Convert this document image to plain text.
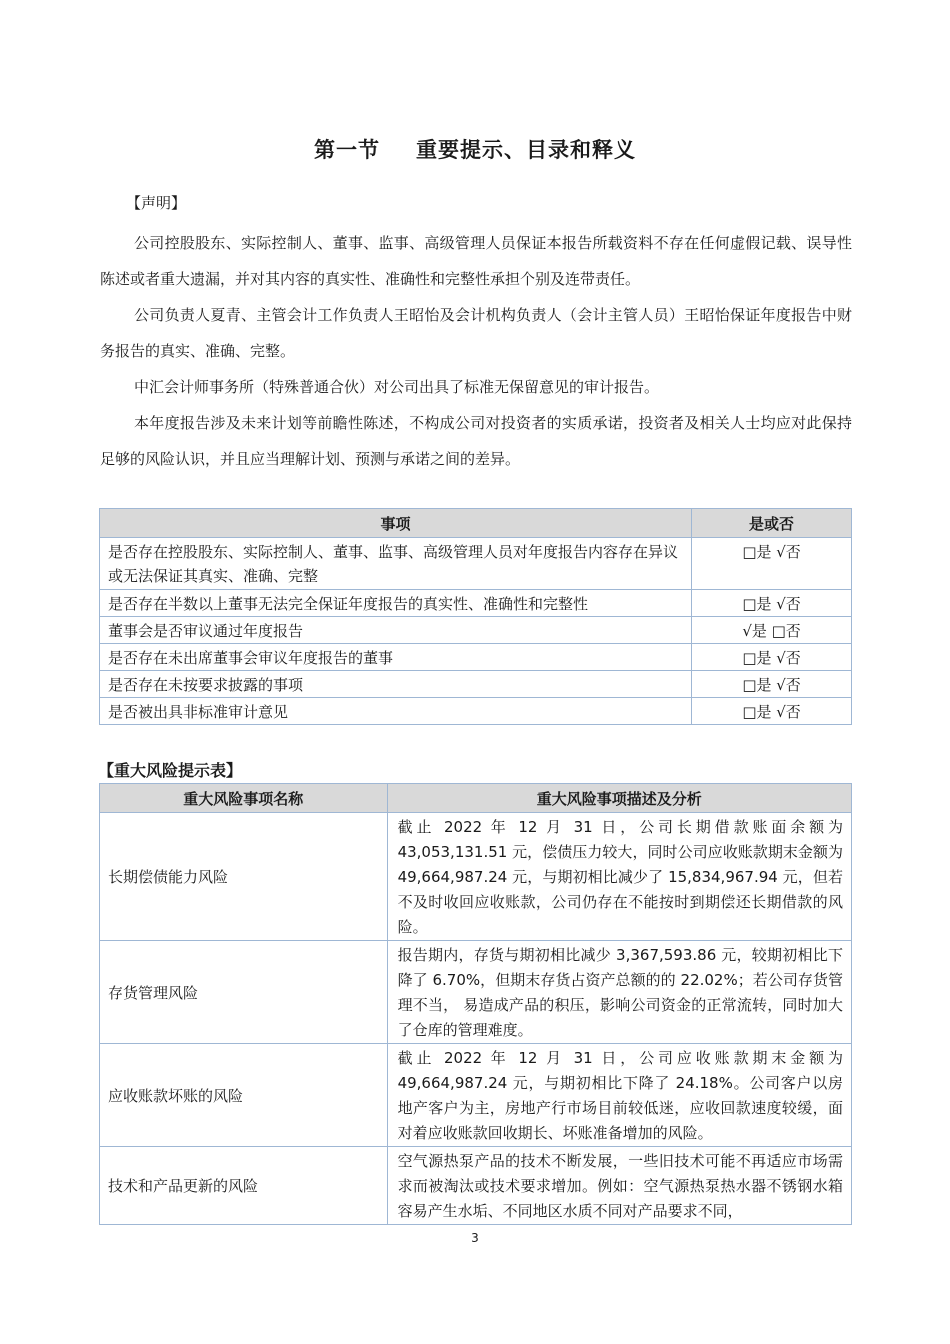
第一节 重要提示、目录和释义
【声明】

公司控股股东、实际控制人、董事、监事、高级管理人员保证本报告所载资料不存在任何虚假记载、误导性陈述或者重大遗漏，并对其内容的真实性、准确性和完整性承担个别及连带责任。

公司负责人夏青、主管会计工作负责人王昭怡及会计机构负责人（会计主管人员）王昭怡保证年度报告中财务报告的真实、准确、完整。

中汇会计师事务所（特殊普通合伙）对公司出具了标准无保留意见的审计报告。

本年度报告涉及未来计划等前瞻性陈述，不构成公司对投资者的实质承诺，投资者及相关人士均应对此保持足够的风险认识，并且应当理解计划、预测与承诺之间的差异。

事项	是或否
是否存在控股股东、实际控制人、董事、监事、高级管理人员对年度报告内容存在异议或无法保证其真实、准确、完整	□是 √否
是否存在半数以上董事无法完全保证年度报告的真实性、准确性和完整性	□是 √否
董事会是否审议通过年度报告	√是 □否
是否存在未出席董事会审议年度报告的董事	□是 √否
是否存在未按要求披露的事项	□是 √否
是否被出具非标准审计意见	□是 √否
【重大风险提示表】
重大风险事项名称	重大风险事项描述及分析
长期偿债能力风险	截止 2022 年 12 月 31 日，公司长期借款账面余额为43,053,131.51 元，偿债压力较大，同时公司应收账款期末金额为 49,664,987.24 元，与期初相比减少了 15,834,967.94 元，但若不及时收回应收账款，公司仍存在不能按时到期偿还长期借款的风险。
存货管理风险	报告期内，存货与期初相比减少 3,367,593.86 元，较期初相比下降了 6.70%，但期末存货占资产总额的的 22.02%；若公司存货管理不当， 易造成产品的积压，影响公司资金的正常流转，同时加大了仓库的管理难度。
应收账款坏账的风险	截止 2022 年 12 月 31 日，公司应收账款期末金额为49,664,987.24 元，与期初相比下降了 24.18%。公司客户以房地产客户为主，房地产行市场目前较低迷，应收回款速度较缓，面对着应收账款回收期长、坏账准备增加的风险。
技术和产品更新的风险	空气源热泵产品的技术不断发展，一些旧技术可能不再适应市场需求而被淘汰或技术要求增加。例如：空气源热泵热水器不锈钢水箱容易产生水垢、不同地区水质不同对产品要求不同，
3
